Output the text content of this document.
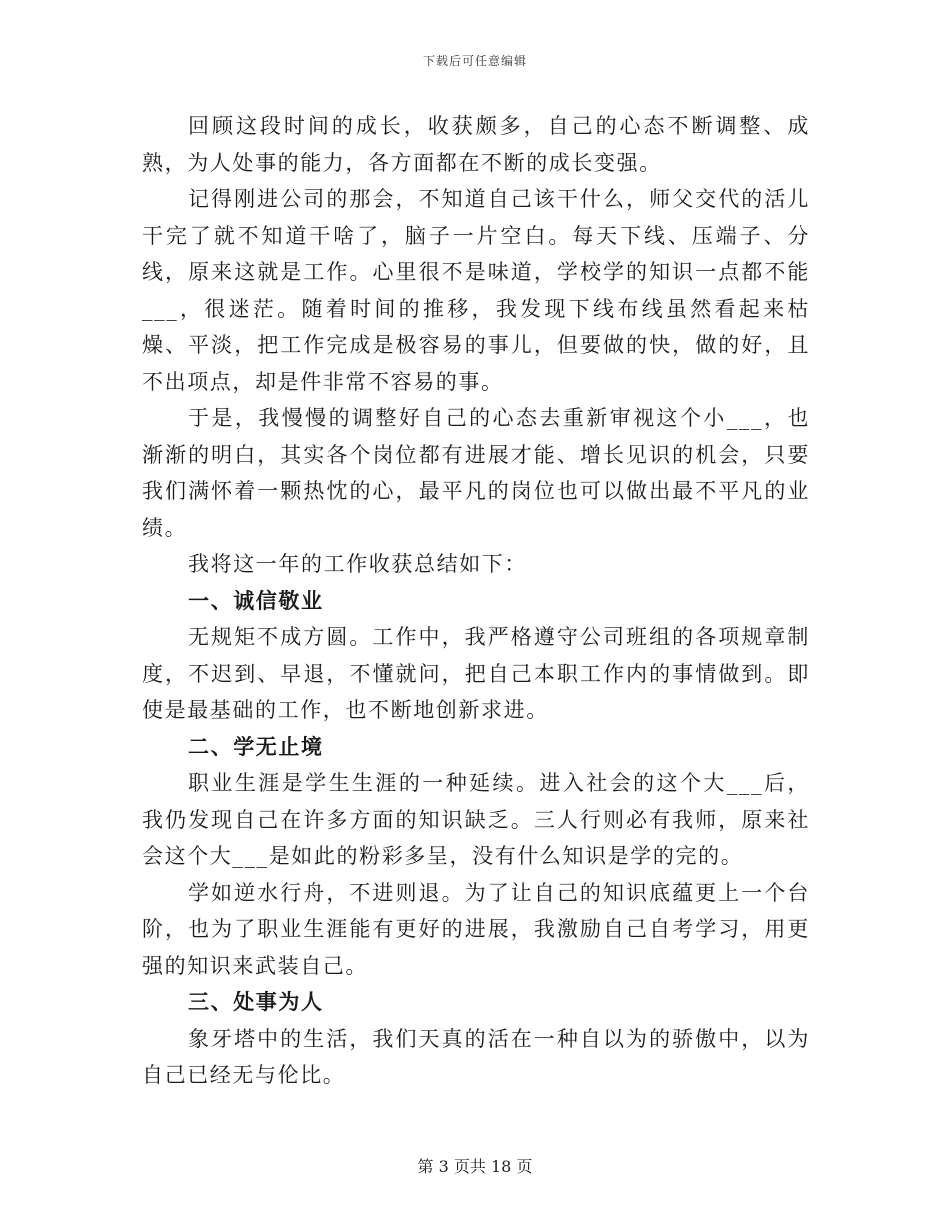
下载后可任意编辑

回顾这段时间的成长，收获颇多，自己的心态不断调整、成熟，为人处事的能力，各方面都在不断的成长变强。

记得刚进公司的那会，不知道自己该干什么，师父交代的活儿干完了就不知道干啥了，脑子一片空白。每天下线、压端子、分线，原来这就是工作。心里很不是味道，学校学的知识一点都不能___，很迷茫。随着时间的推移，我发现下线布线虽然看起来枯燥、平淡，把工作完成是极容易的事儿，但要做的快，做的好，且不出项点，却是件非常不容易的事。

于是，我慢慢的调整好自己的心态去重新审视这个小___，也渐渐的明白，其实各个岗位都有进展才能、增长见识的机会，只要我们满怀着一颗热忱的心，最平凡的岗位也可以做出最不平凡的业绩。

我将这一年的工作收获总结如下：

一、诚信敬业

无规矩不成方圆。工作中，我严格遵守公司班组的各项规章制度，不迟到、早退，不懂就问，把自己本职工作内的事情做到。即使是最基础的工作，也不断地创新求进。

二、学无止境

职业生涯是学生生涯的一种延续。进入社会的这个大___后，我仍发现自己在许多方面的知识缺乏。三人行则必有我师，原来社会这个大___是如此的粉彩多呈，没有什么知识是学的完的。

学如逆水行舟，不进则退。为了让自己的知识底蕴更上一个台阶，也为了职业生涯能有更好的进展，我激励自己自考学习，用更强的知识来武装自己。

三、处事为人

象牙塔中的生活，我们天真的活在一种自以为的骄傲中，以为自己已经无与伦比。

第 3 页共 18 页
